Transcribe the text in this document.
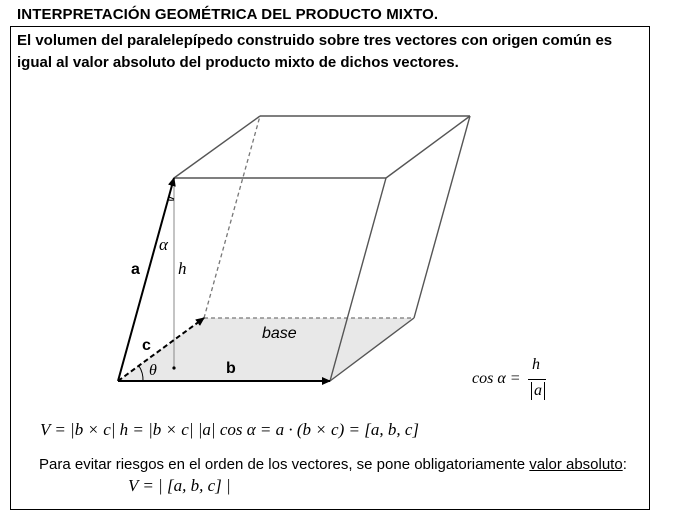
INTERPRETACIÓN GEOMÉTRICA DEL PRODUCTO MIXTO.
El volumen del paralelepípedo construido sobre tres vectores con origen común es igual al valor absoluto del producto mixto de dichos vectores.
a
b
c
h
α
θ
base
cos α =
h
a
V = |b × c| h = |b × c| |a| cos α = a · (b × c) = [a, b, c]
Para evitar riesgos en el orden de los vectores, se pone obligatoriamente valor absoluto:
V = | [a, b, c] |
